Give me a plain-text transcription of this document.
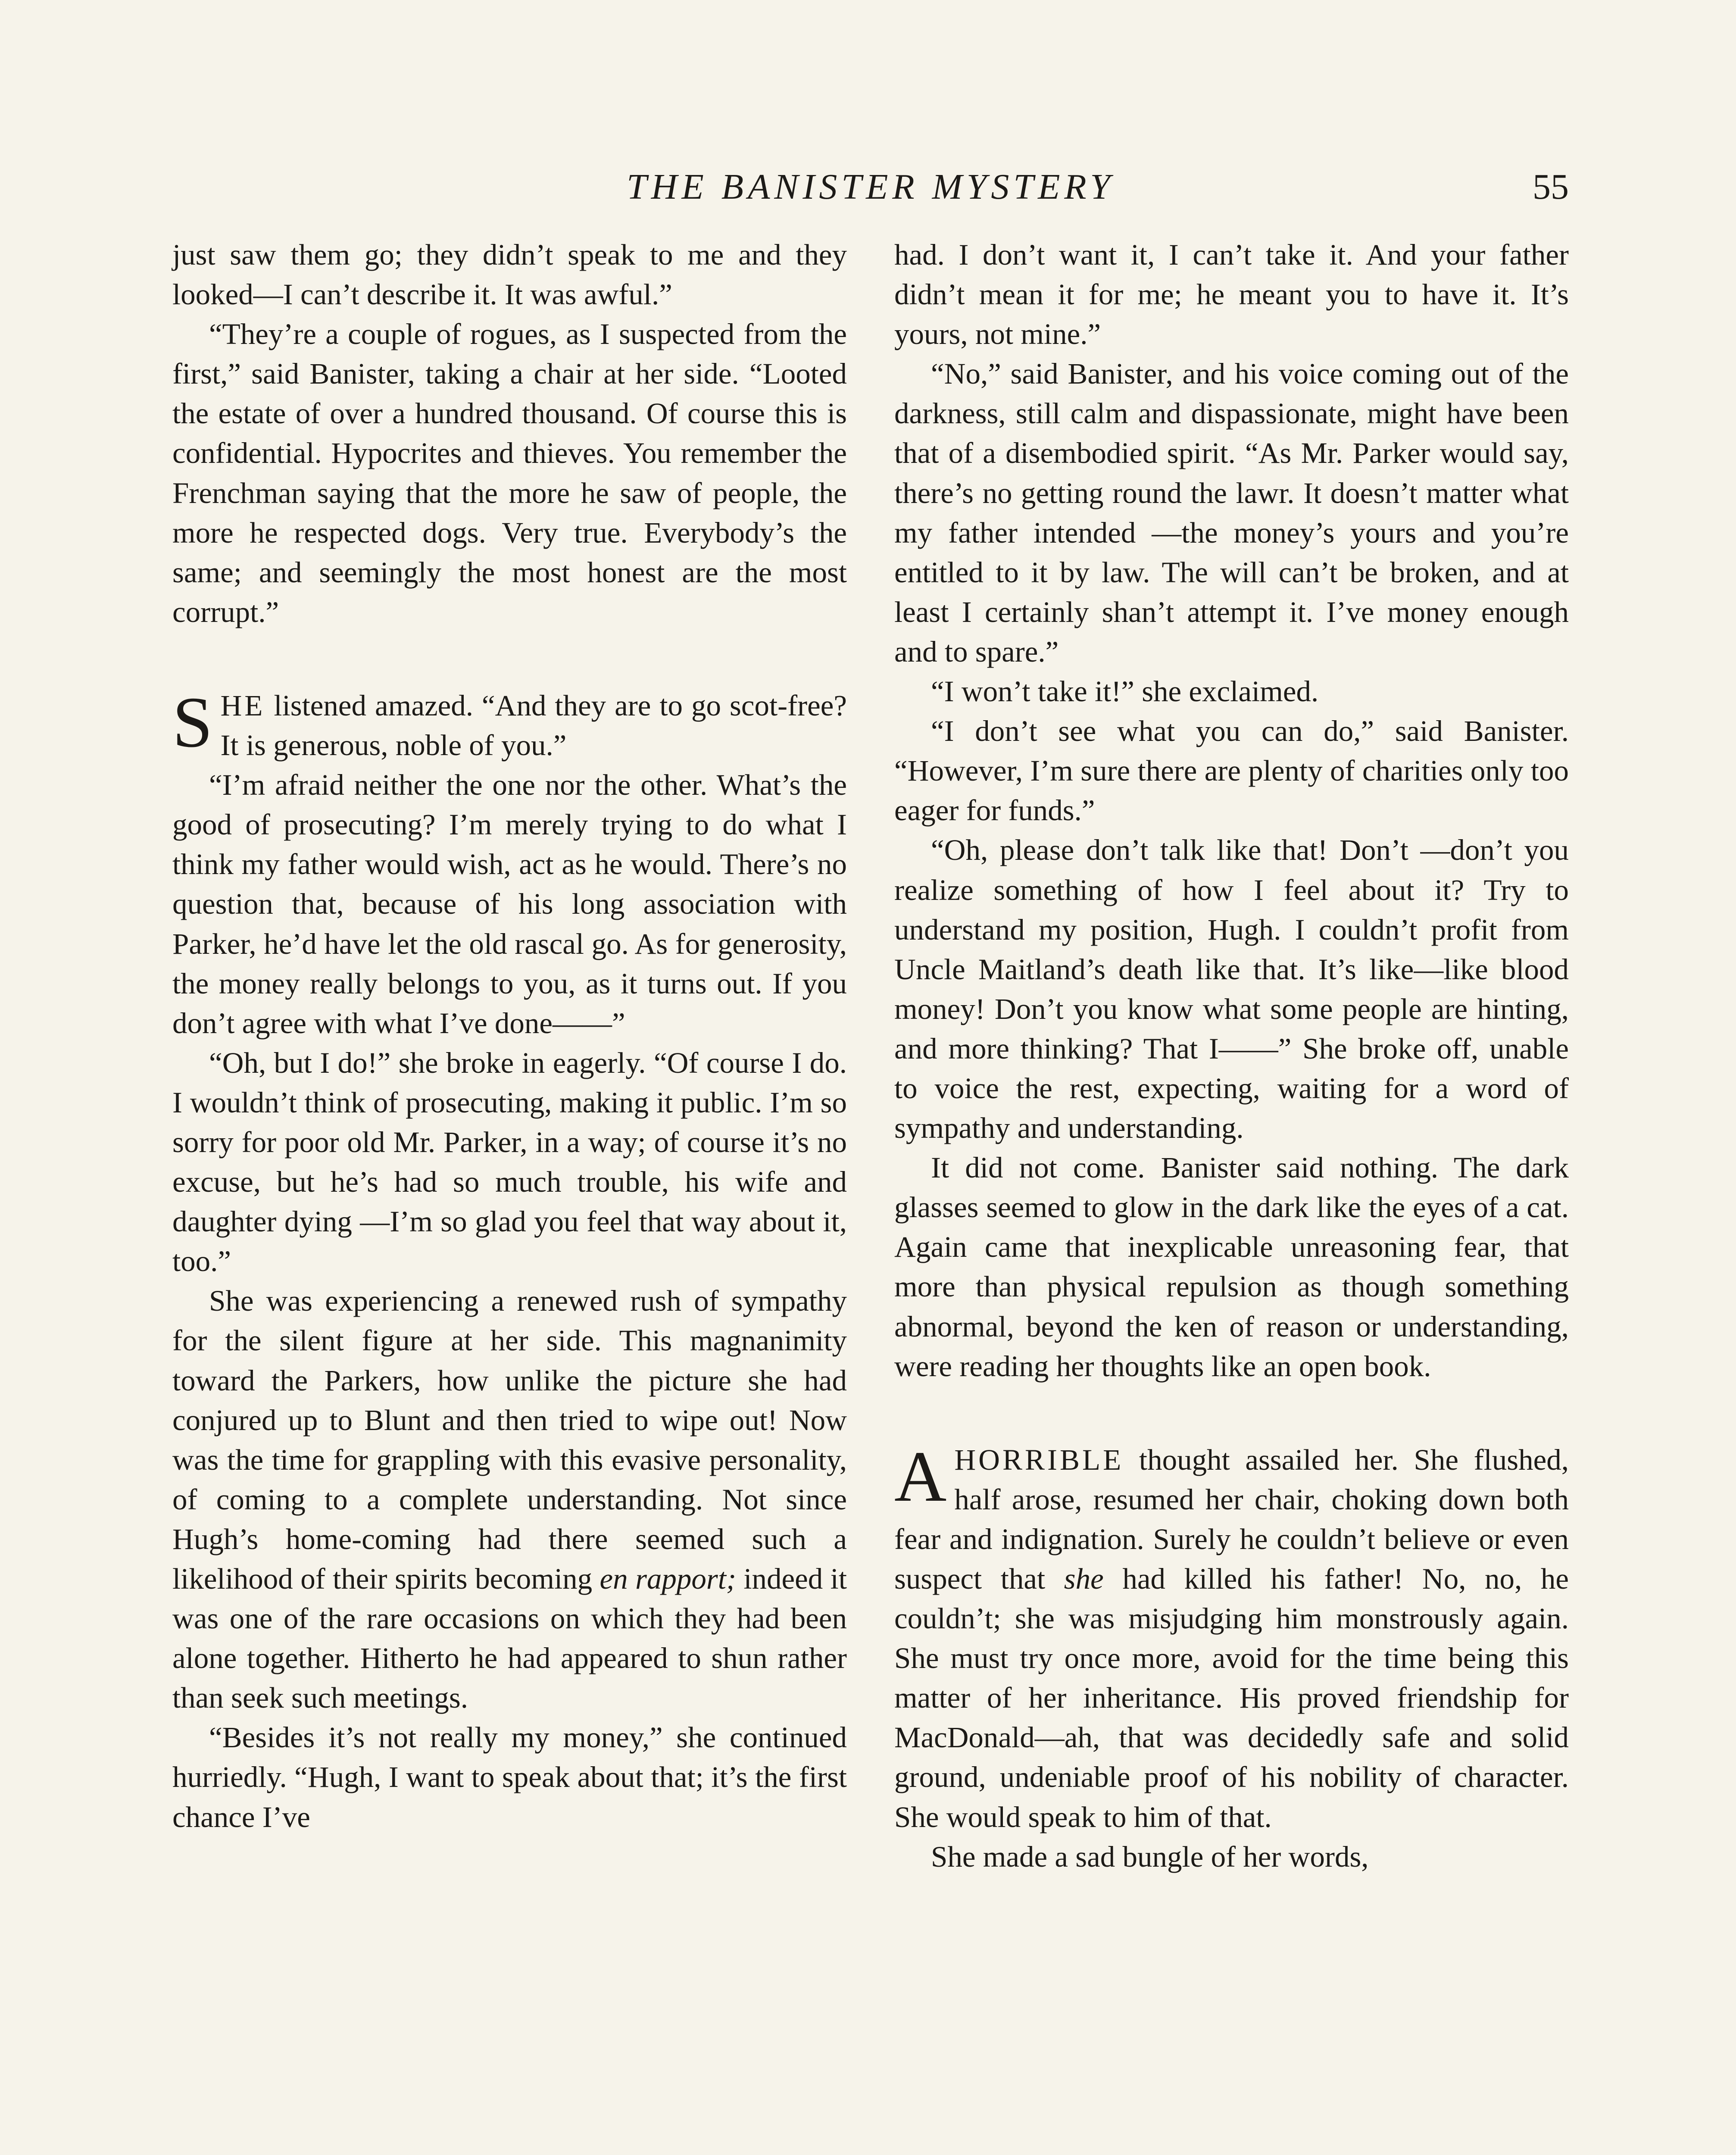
THE BANISTER MYSTERY	55

just saw them go; they didn’t speak to me and they looked—I can’t describe it. It was awful.”

“They’re a couple of rogues, as I suspected from the first,” said Banister, taking a chair at her side. “Looted the estate of over a hundred thousand. Of course this is confidential. Hypocrites and thieves. You remember the Frenchman saying that the more he saw of people, the more he respected dogs. Very true. Everybody’s the same; and seemingly the most honest are the most corrupt.”

SHE listened amazed. “And they are to go scot-free? It is generous, noble of you.”

“I’m afraid neither the one nor the other. What’s the good of prosecuting? I’m merely trying to do what I think my father would wish, act as he would. There’s no question that, because of his long association with Parker, he’d have let the old rascal go. As for generosity, the money really belongs to you, as it turns out. If you don’t agree with what I’ve done——”

“Oh, but I do!” she broke in eagerly. “Of course I do. I wouldn’t think of prosecuting, making it public. I’m so sorry for poor old Mr. Parker, in a way; of course it’s no excuse, but he’s had so much trouble, his wife and daughter dying —I’m so glad you feel that way about it, too.”

She was experiencing a renewed rush of sympathy for the silent figure at her side. This magnanimity toward the Parkers, how unlike the picture she had conjured up to Blunt and then tried to wipe out! Now was the time for grappling with this evasive personality, of coming to a complete understanding. Not since Hugh’s home-coming had there seemed such a likelihood of their spirits becoming en rapport; indeed it was one of the rare occasions on which they had been alone together. Hitherto he had appeared to shun rather than seek such meetings.

“Besides it’s not really my money,” she continued hurriedly. “Hugh, I want to speak about that; it’s the first chance I’ve

had. I don’t want it, I can’t take it. And your father didn’t mean it for me; he meant you to have it. It’s yours, not mine.”

“No,” said Banister, and his voice coming out of the darkness, still calm and dispassionate, might have been that of a disembodied spirit. “As Mr. Parker would say, there’s no getting round the lawr. It doesn’t matter what my father intended —the money’s yours and you’re entitled to it by law. The will can’t be broken, and at least I certainly shan’t attempt it. I’ve money enough and to spare.”

“I won’t take it!” she exclaimed.

“I don’t see what you can do,” said Banister. “However, I’m sure there are plenty of charities only too eager for funds.”

“Oh, please don’t talk like that! Don’t —don’t you realize something of how I feel about it? Try to understand my position, Hugh. I couldn’t profit from Uncle Maitland’s death like that. It’s like—like blood money! Don’t you know what some people are hinting, and more thinking? That I——” She broke off, unable to voice the rest, expecting, waiting for a word of sympathy and understanding.

It did not come. Banister said nothing. The dark glasses seemed to glow in the dark like the eyes of a cat. Again came that inexplicable unreasoning fear, that more than physical repulsion as though something abnormal, beyond the ken of reason or understanding, were reading her thoughts like an open book.

AHORRIBLE thought assailed her. She flushed, half arose, resumed her chair, choking down both fear and indignation. Surely he couldn’t believe or even suspect that she had killed his father! No, no, he couldn’t; she was misjudging him monstrously again. She must try once more, avoid for the time being this matter of her inheritance. His proved friendship for MacDonald—ah, that was decidedly safe and solid ground, undeniable proof of his nobility of character. She would speak to him of that.

She made a sad bungle of her words,
